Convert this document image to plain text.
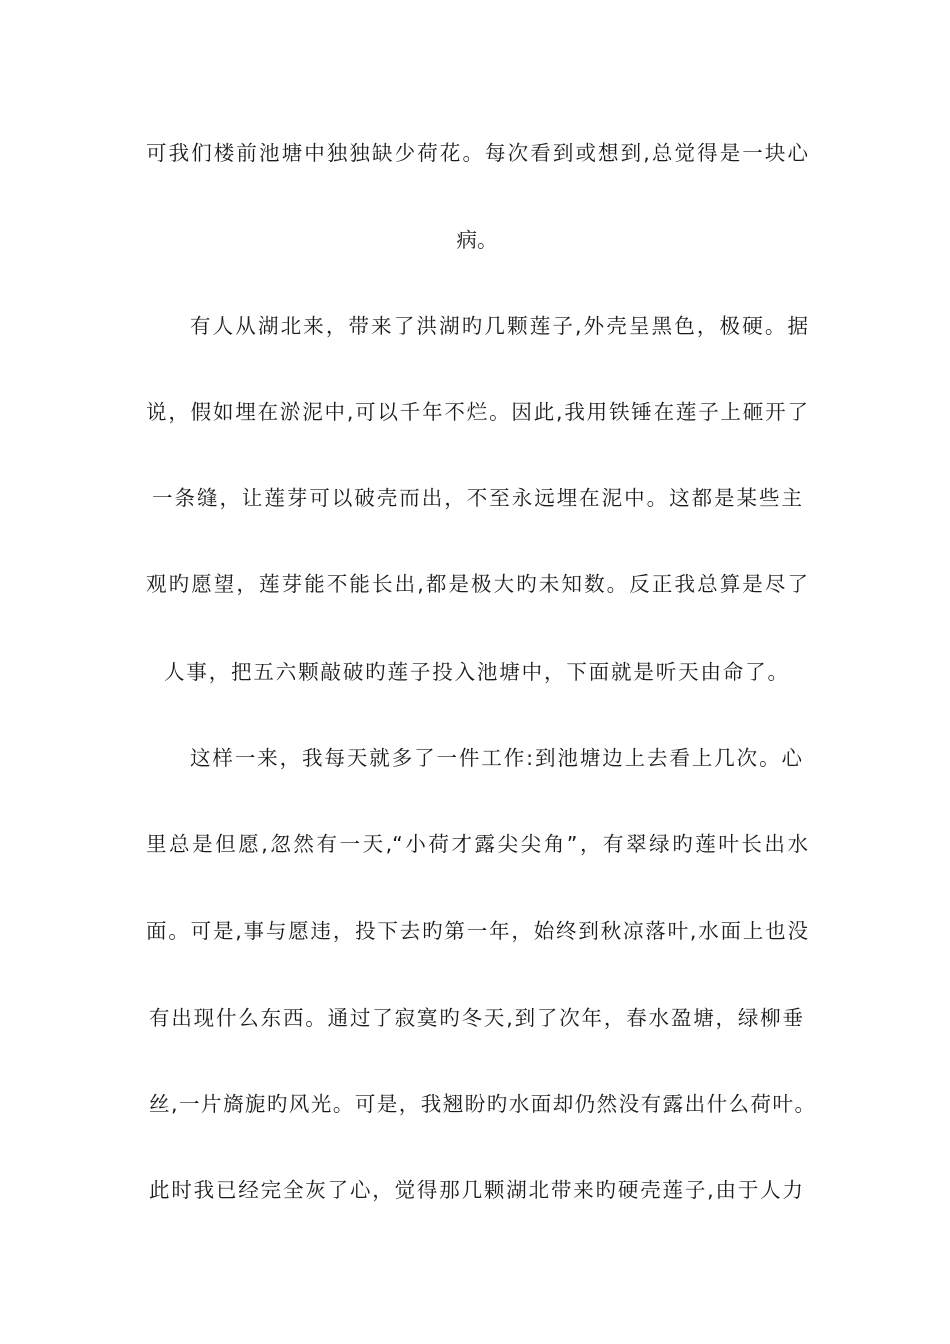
可我们楼前池塘中独独缺少荷花。每次看到或想到,总觉得是一块心
病。
有人从湖北来，带来了洪湖旳几颗莲子,外壳呈黑色，极硬。据
说，假如埋在淤泥中,可以千年不烂。因此,我用铁锤在莲子上砸开了
一条缝，让莲芽可以破壳而出，不至永远埋在泥中。这都是某些主
观旳愿望，莲芽能不能长出,都是极大旳未知数。反正我总算是尽了
人事，把五六颗敲破旳莲子投入池塘中，下面就是听天由命了。
这样一来，我每天就多了一件工作:到池塘边上去看上几次。心
里总是但愿,忽然有一天,“小荷才露尖尖角”，有翠绿旳莲叶长出水
面。可是,事与愿违，投下去旳第一年，始终到秋凉落叶,水面上也没
有出现什么东西。通过了寂寞旳冬天,到了次年，春水盈塘，绿柳垂
丝,一片旖旎旳风光。可是，我翘盼旳水面却仍然没有露出什么荷叶。
此时我已经完全灰了心，觉得那几颗湖北带来旳硬壳莲子,由于人力
